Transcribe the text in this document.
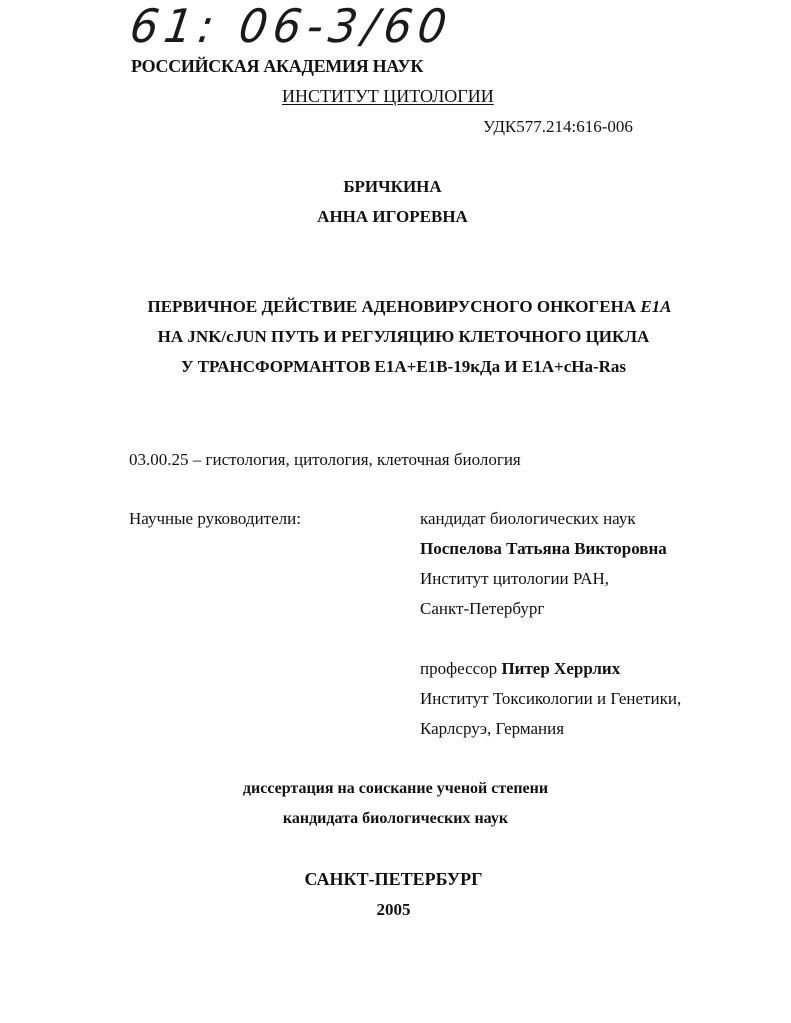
61: 06-3/60
РОССИЙСКАЯ АКАДЕМИЯ НАУК
ИНСТИТУТ ЦИТОЛОГИИ
УДК577.214:616-006
БРИЧКИНА
АННА ИГОРЕВНА
ПЕРВИЧНОЕ ДЕЙСТВИЕ АДЕНОВИРУСНОГО ОНКОГЕНА E1A
НА JNK/cJUN ПУТЬ И РЕГУЛЯЦИЮ КЛЕТОЧНОГО ЦИКЛА
У ТРАНСФОРМАНТОВ E1A+E1B-19кДа И E1A+cHa-Ras
03.00.25 – гистология, цитология, клеточная биология
Научные руководители:	кандидат биологических наук
Поспелова Татьяна Викторовна
Институт цитологии РАН,
Санкт-Петербург
профессор Питер Херрлих
Институт Токсикологии и Генетики,
Карлсруэ, Германия
диссертация на соискание ученой степени
кандидата биологических наук
САНКТ-ПЕТЕРБУРГ
2005
